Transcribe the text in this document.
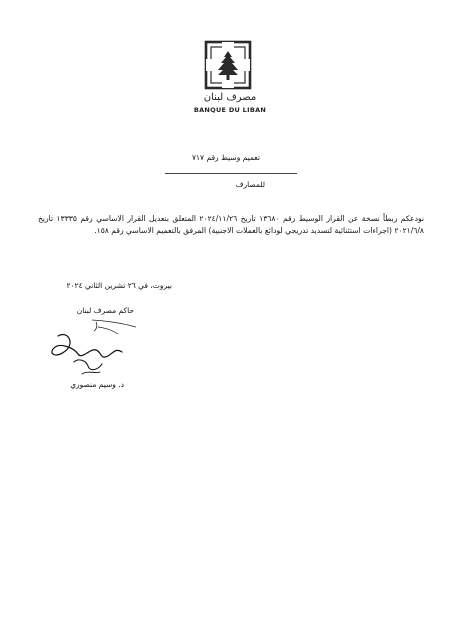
مصرف لبنان
BANQUE DU LIBAN
تعميم وسيط رقم ٧١٧
للمصارف
نودعكم ربطاً نسخة عن القرار الوسيط رقم ١٣٦٨٠ تاريخ ٢٠٢٤/١١/٢٦ المتعلق بتعديل القرار الاساسي رقم ١٣٣٣٥ تاريخ ٢٠٢١/٦/٨ (اجراءات استثنائية لتسديد تدريجي لودائع بالعملات الاجنبية) المرفق بالتعميم الاساسي رقم ١٥٨.
بيروت، في ٢٦ تشرين الثاني ٢٠٢٤
حاكم مصرف لبنان
د. وسيم منصوري
